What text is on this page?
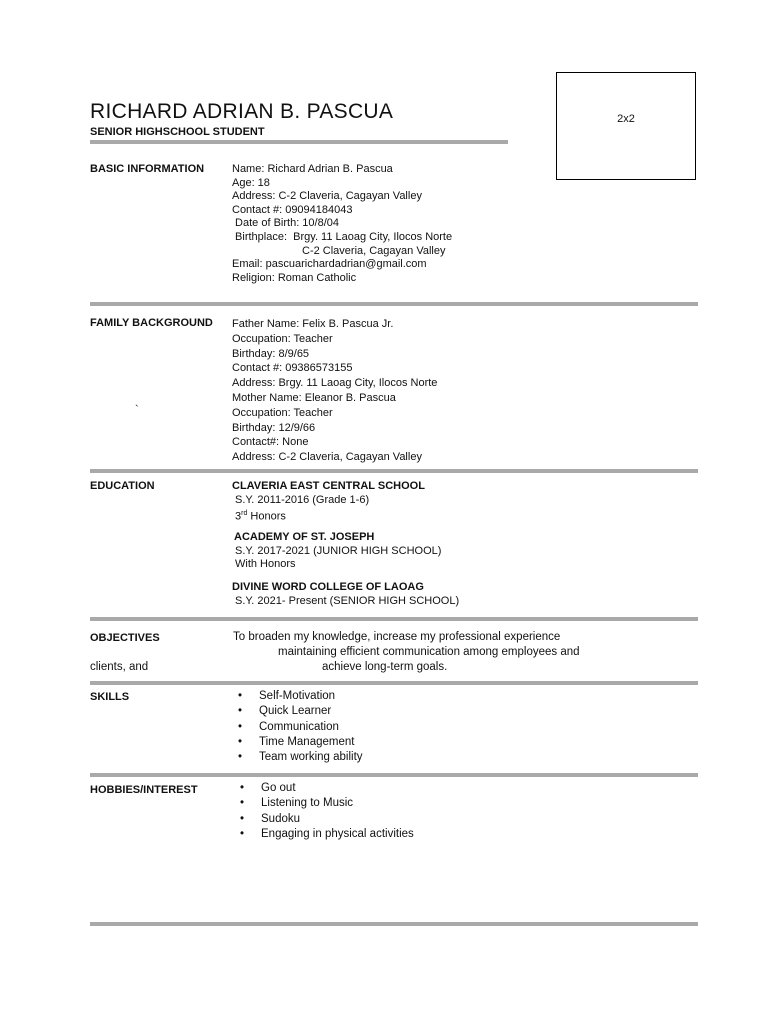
RICHARD ADRIAN B. PASCUA
SENIOR HIGHSCHOOL STUDENT
2x2
BASIC INFORMATION	Name: Richard Adrian B. Pascua
Age: 18
Address: C-2 Claveria, Cagayan Valley
Contact #: 09094184043
Date of Birth: 10/8/04
Birthplace:  Brgy. 11 Laoag City, Ilocos Norte
C-2 Claveria, Cagayan Valley
Email: pascuarichardadrian@gmail.com
Religion: Roman Catholic
FAMILY BACKGROUND
`
Father Name: Felix B. Pascua Jr.
Occupation: Teacher
Birthday: 8/9/65
Contact #: 09386573155
Address: Brgy. 11 Laoag City, Ilocos Norte
Mother Name: Eleanor B. Pascua
Occupation: Teacher
Birthday: 12/9/66
Contact#: None
Address: C-2 Claveria, Cagayan Valley
EDUCATION	CLAVERIA EAST CENTRAL SCHOOL
S.Y. 2011-2016 (Grade 1-6)
3rd Honors
ACADEMY OF ST. JOSEPH
S.Y. 2017-2021 (JUNIOR HIGH SCHOOL)
With Honors
DIVINE WORD COLLEGE OF LAOAG
S.Y. 2021- Present (SENIOR HIGH SCHOOL)
OBJECTIVES	To broaden my knowledge, increase my professional experience
maintaining efficient communication among employees and
clients, and	achieve long-term goals.
SKILLS	• Self-Motivation
• Quick Learner
• Communication
• Time Management
• Team working ability
HOBBIES/INTEREST	• Go out
• Listening to Music
• Sudoku
• Engaging in physical activities
